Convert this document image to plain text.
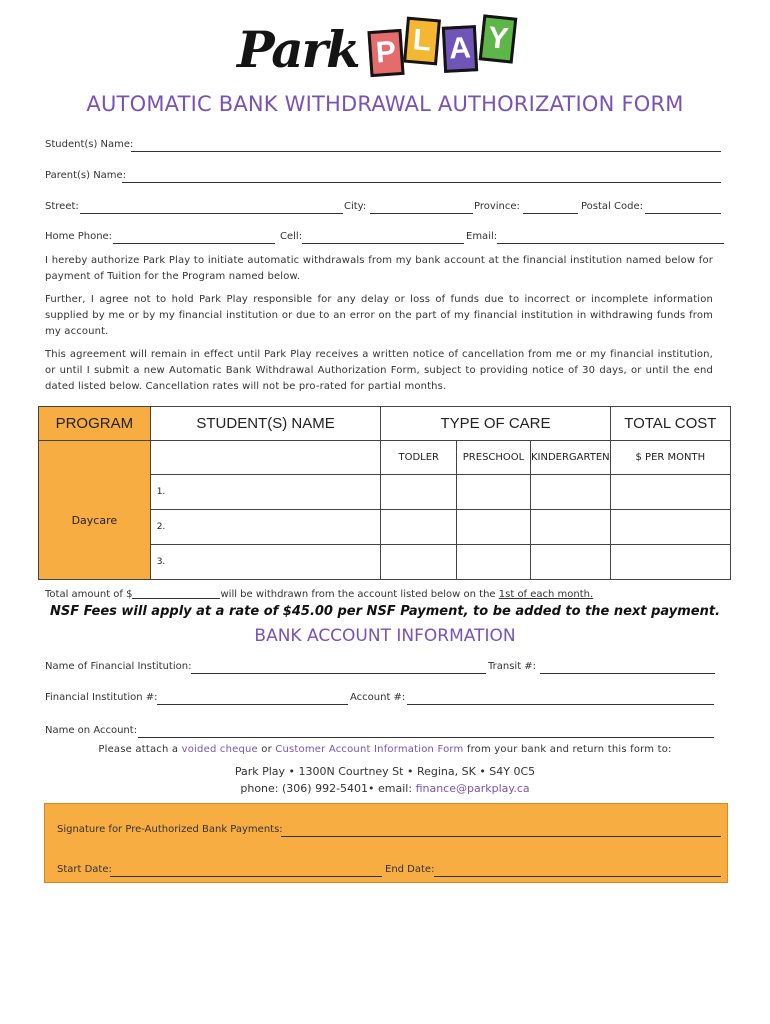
Park P L A Y
AUTOMATIC BANK WITHDRAWAL AUTHORIZATION FORM
Student(s) Name:
Parent(s) Name:
Street:	City:	Province:	Postal Code:
Home Phone:	Cell:	Email:
I hereby authorize Park Play to initiate automatic withdrawals from my bank account at the financial institution named below for payment of Tuition for the Program named below.
Further, I agree not to hold Park Play responsible for any delay or loss of funds due to incorrect or incomplete information supplied by me or by my financial institution or due to an error on the part of my financial institution in withdrawing funds from my account.
This agreement will remain in effect until Park Play receives a written notice of cancellation from me or my financial institution, or until I submit a new Automatic Bank Withdrawal Authorization Form, subject to providing notice of 30 days, or until the end dated listed below. Cancellation rates will not be pro-rated for partial months.
PROGRAM	STUDENT(S) NAME	TYPE OF CARE			TOTAL COST
Daycare		TODLER	PRESCHOOL	KINDERGARTEN	$ PER MONTH
	1.				
	2.				
	3.				
Total amount of $	will be withdrawn from the account listed below on the 1st of each month.
NSF Fees will apply at a rate of $45.00 per NSF Payment, to be added to the next payment.
BANK ACCOUNT INFORMATION
Name of Financial Institution:	Transit #:
Financial Institution #:	Account #:
Name on Account:
Please attach a voided cheque or Customer Account Information Form from your bank and return this form to:
Park Play • 1300N Courtney St • Regina, SK • S4Y 0C5
phone: (306) 992-5401• email: finance@parkplay.ca
Signature for Pre-Authorized Bank Payments:
Start Date:	End Date:
